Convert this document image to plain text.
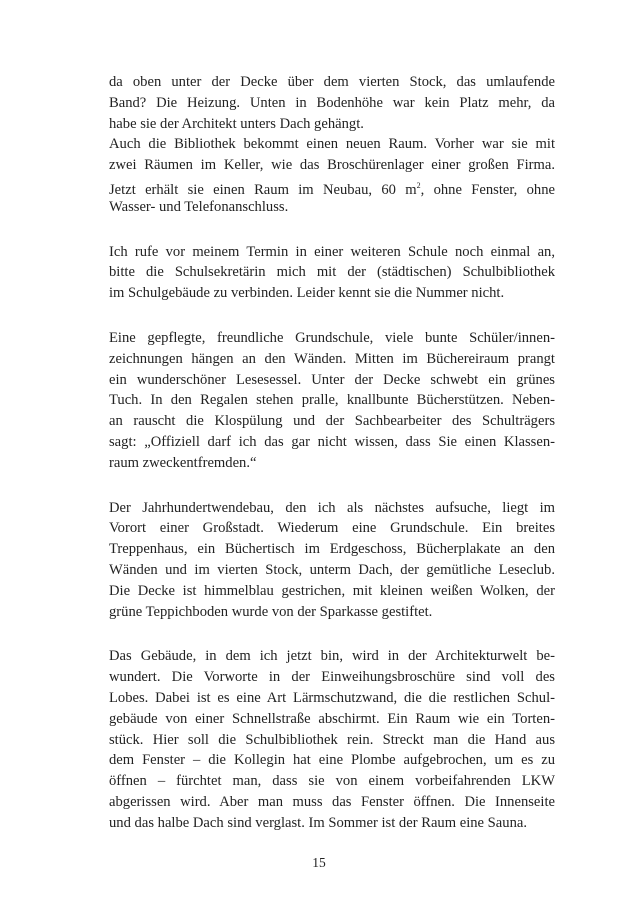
da oben unter der Decke über dem vierten Stock, das umlaufende
Band? Die Heizung. Unten in Bodenhöhe war kein Platz mehr, da
habe sie der Architekt unters Dach gehängt.
Auch die Bibliothek bekommt einen neuen Raum. Vorher war sie mit
zwei Räumen im Keller, wie das Broschürenlager einer großen Firma.
Jetzt erhält sie einen Raum im Neubau, 60 $m^2$, ohne Fenster, ohne
Wasser- und Telefonanschluss.
Ich rufe vor meinem Termin in einer weiteren Schule noch einmal an,
bitte die Schulsekretärin mich mit der (städtischen) Schulbibliothek
im Schulgebäude zu verbinden. Leider kennt sie die Nummer nicht.
Eine gepflegte, freundliche Grundschule, viele bunte Schüler/innen-
zeichnungen hängen an den Wänden. Mitten im Büchereiraum prangt
ein wunderschöner Lesesessel. Unter der Decke schwebt ein grünes
Tuch. In den Regalen stehen pralle, knallbunte Bücherstützen. Neben-
an rauscht die Klospülung und der Sachbearbeiter des Schulträgers
sagt: „Offiziell darf ich das gar nicht wissen, dass Sie einen Klassen-
raum zweckentfremden.“
Der Jahrhundertwendebau, den ich als nächstes aufsuche, liegt im
Vorort einer Großstadt. Wiederum eine Grundschule. Ein breites
Treppenhaus, ein Büchertisch im Erdgeschoss, Bücherplakate an den
Wänden und im vierten Stock, unterm Dach, der gemütliche Leseclub.
Die Decke ist himmelblau gestrichen, mit kleinen weißen Wolken, der
grüne Teppichboden wurde von der Sparkasse gestiftet.
Das Gebäude, in dem ich jetzt bin, wird in der Architekturwelt be-
wundert. Die Vorworte in der Einweihungsbroschüre sind voll des
Lobes. Dabei ist es eine Art Lärmschutzwand, die die restlichen Schul-
gebäude von einer Schnellstraße abschirmt. Ein Raum wie ein Torten-
stück. Hier soll die Schulbibliothek rein. Streckt man die Hand aus
dem Fenster – die Kollegin hat eine Plombe aufgebrochen, um es zu
öffnen – fürchtet man, dass sie von einem vorbeifahrenden LKW
abgerissen wird. Aber man muss das Fenster öffnen. Die Innenseite
und das halbe Dach sind verglast. Im Sommer ist der Raum eine Sauna.
15
